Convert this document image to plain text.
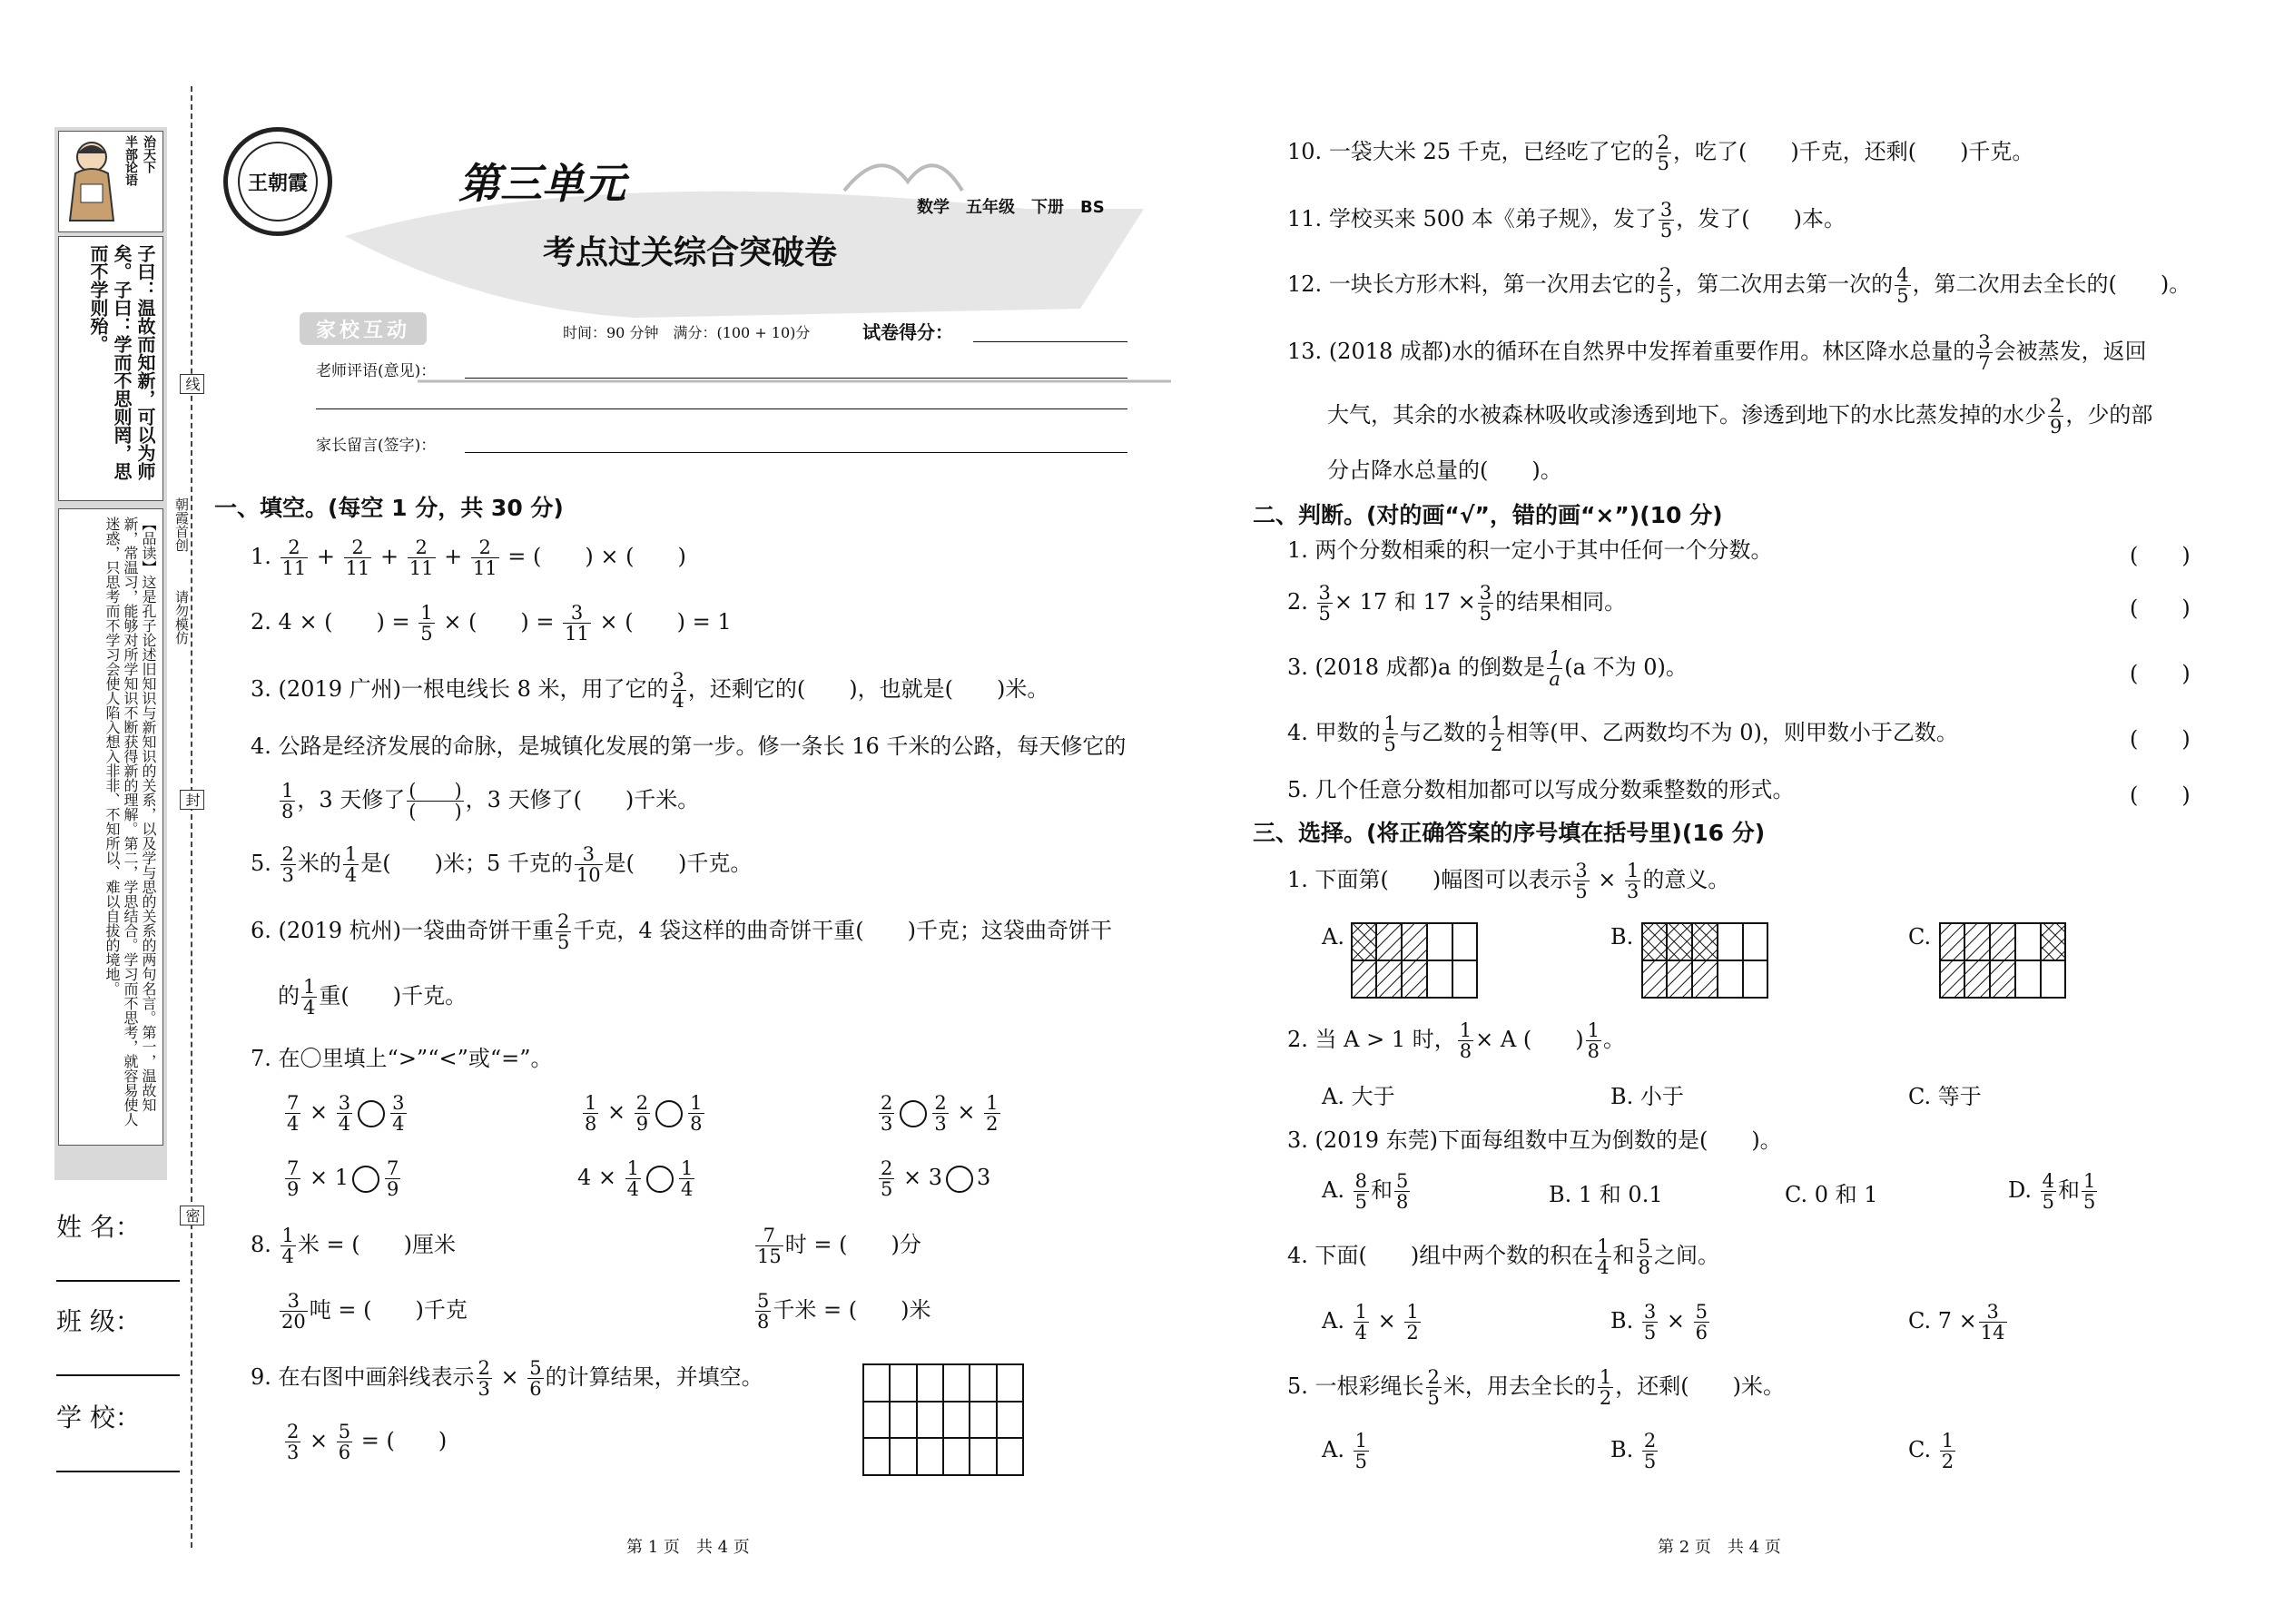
半部论语
治天下
子曰：温故而知新，可以为师矣。子曰：学而不思则罔，思而不学则殆。
【品读】这是孔子论述旧知识与新知识的关系，以及学与思的关系的两句名言。第一，温故知新，常温习，能够对所学知识不断获得新的理解。第二，学思结合。学习而不思考，就容易使人迷惑，只思考而不学习会使人陷入想入非非、不知所以、难以自拔的境地。
姓 名：
班 级：
学 校：
线
封
密
朝霞首创
请勿模仿
王朝霞	第三单元
考点过关综合突破卷
数学　五年级　下册　BS
家校互动	时间：90 分钟　满分：(100 + 10)分	试卷得分：
老师评语(意见)：
家长留言(签字)：
一、填空。(每空 1 分，共 30 分)
1. $\frac{2}{11} + \frac{2}{11} + \frac{2}{11} + \frac{2}{11}$ = (　　) × (　　)
2. 4 × (　　) = $\frac{1}{5}$ × (　　) = $\frac{3}{11}$ × (　　) = 1
3. (2019 广州)一根电线长 8 米，用了它的 $\frac{3}{4}$ ，还剩它的(　　)，也就是(　　)米。
4. 公路是经济发展的命脉，是城镇化发展的第一步。修一条长 16 千米的公路，每天修它的
$\frac{1}{8}$ ，3 天修了 $\frac{( )}{( )}$ ，3 天修了(　　)千米。
5. $\frac{2}{3}$ 米的 $\frac{1}{4}$ 是(　　)米；5 千克的 $\frac{3}{10}$ 是(　　)千克。
6. (2019 杭州)一袋曲奇饼干重 $\frac{2}{5}$ 千克，4 袋这样的曲奇饼干重(　　)千克；这袋曲奇饼干
的 $\frac{1}{4}$ 重(　　)千克。
7. 在〇里填上“>”“<”或“=”。
$\frac{7}{4} \times \frac{3}{4} \frac{3}{4}$	$\frac{1}{8} \times \frac{2}{9} \frac{1}{8}$	$\frac{2}{3} \frac{2}{3} \times \frac{1}{2}$
$\frac{7}{9} \times 1 \frac{7}{9}$	$4 \times \frac{1}{4} \frac{1}{4}$	$\frac{2}{5} \times 3$ 3
8. $\frac{1}{4}$ 米 = (　　)厘米	$\frac{7}{15}$ 时 = (　　)分
$\frac{3}{20}$ 吨 = (　　)千克	$\frac{5}{8}$ 千米 = (　　)米
9. 在右图中画斜线表示 $\frac{2}{3} \times \frac{5}{6}$ 的计算结果，并填空。
$\frac{2}{3} \times \frac{5}{6}$ = (　　)

第 1 页　共 4 页
10. 一袋大米 25 千克，已经吃了它的 $\frac{2}{5}$ ，吃了(　　)千克，还剩(　　)千克。
11. 学校买来 500 本《弟子规》，发了 $\frac{3}{5}$ ，发了(　　)本。
12. 一块长方形木料，第一次用去它的 $\frac{2}{5}$ ，第二次用去第一次的 $\frac{4}{5}$ ，第二次用去全长的(　　)。
13. (2018 成都)水的循环在自然界中发挥着重要作用。林区降水总量的 $\frac{3}{7}$ 会被蒸发，返回
大气，其余的水被森林吸收或渗透到地下。渗透到地下的水比蒸发掉的水少 $\frac{2}{9}$ ，少的部
分占降水总量的(　　)。
二、判断。(对的画“√”，错的画“×”)(10 分)
1. 两个分数相乘的积一定小于其中任何一个分数。	(　　)
2. $\frac{3}{5} \times 17$ 和 $17 \times \frac{3}{5}$ 的结果相同。	(　　)
3. (2018 成都)a 的倒数是 $\frac{1}{a} (a$ 不为 0)。	(　　)
4. 甲数的 $\frac{1}{5}$ 与乙数的 $\frac{1}{2}$ 相等(甲、乙两数均不为 0)，则甲数小于乙数。	(　　)
5. 几个任意分数相加都可以写成分数乘整数的形式。	(　　)
三、选择。(将正确答案的序号填在括号里)(16 分)
1. 下面第(　　)幅图可以表示 $\frac{3}{5} \times \frac{1}{3}$ 的意义。
A.	B.	C.
2. 当 A > 1 时， $\frac{1}{8} \times A$ (　　) $\frac{1}{8}$ 。
A. 大于	B. 小于	C. 等于
3. (2019 东莞)下面每组数中互为倒数的是(　　)。
A. $\frac{8}{5}$ 和 $\frac{5}{8}$	B. 1 和 0.1	C. 0 和 1	D. $\frac{4}{5}$ 和 $\frac{1}{5}$
4. 下面(　　)组中两个数的积在 $\frac{1}{4}$ 和 $\frac{5}{8}$ 之间。
A. $\frac{1}{4} \times \frac{1}{2}$	B. $\frac{3}{5} \times \frac{5}{6}$	C. $7 \times \frac{3}{14}$
5. 一根彩绳长 $\frac{2}{5}$ 米，用去全长的 $\frac{1}{2}$ ，还剩(　　)米。
A. $\frac{1}{5}$	B. $\frac{2}{5}$	C. $\frac{1}{2}$
第 2 页　共 4 页
